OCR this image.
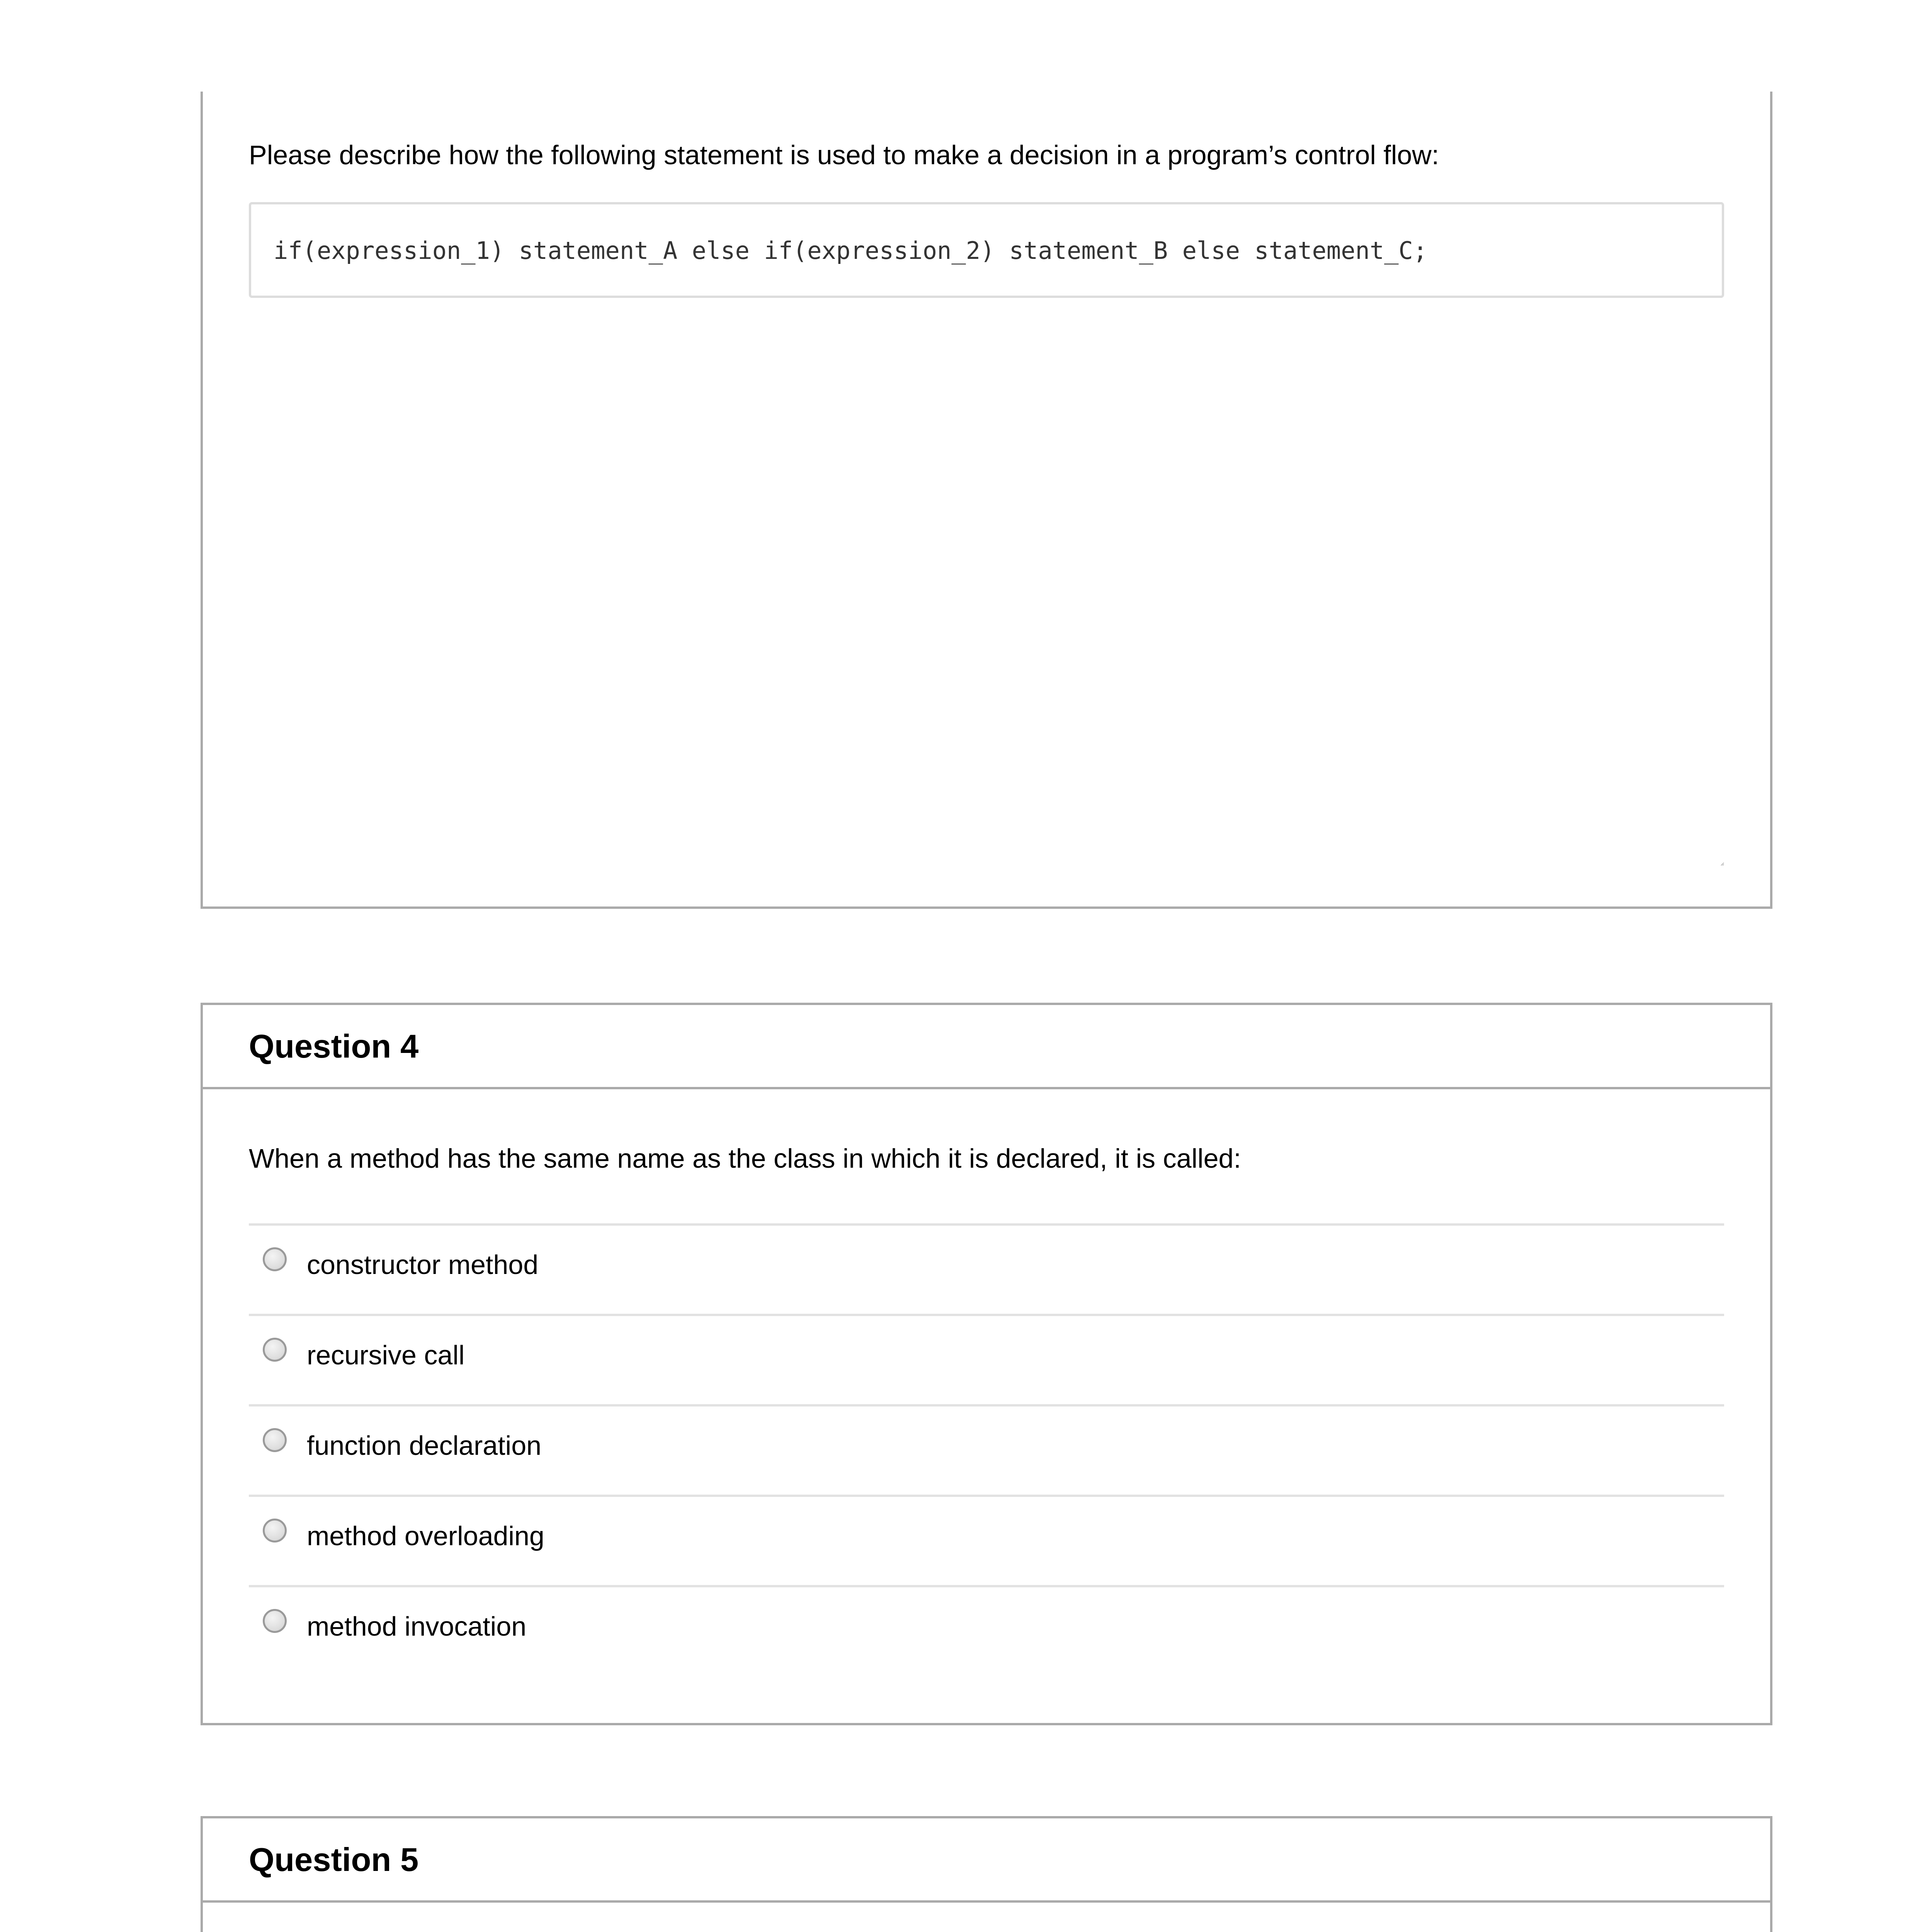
Please describe how the following statement is used to make a decision in a program’s control flow:

if(expression_1) statement_A else if(expression_2) statement_B else statement_C;
Question 4

When a method has the same name as the class in which it is declared, it is called:

constructor method
recursive call
function declaration
method overloading
method invocation
Question 5
